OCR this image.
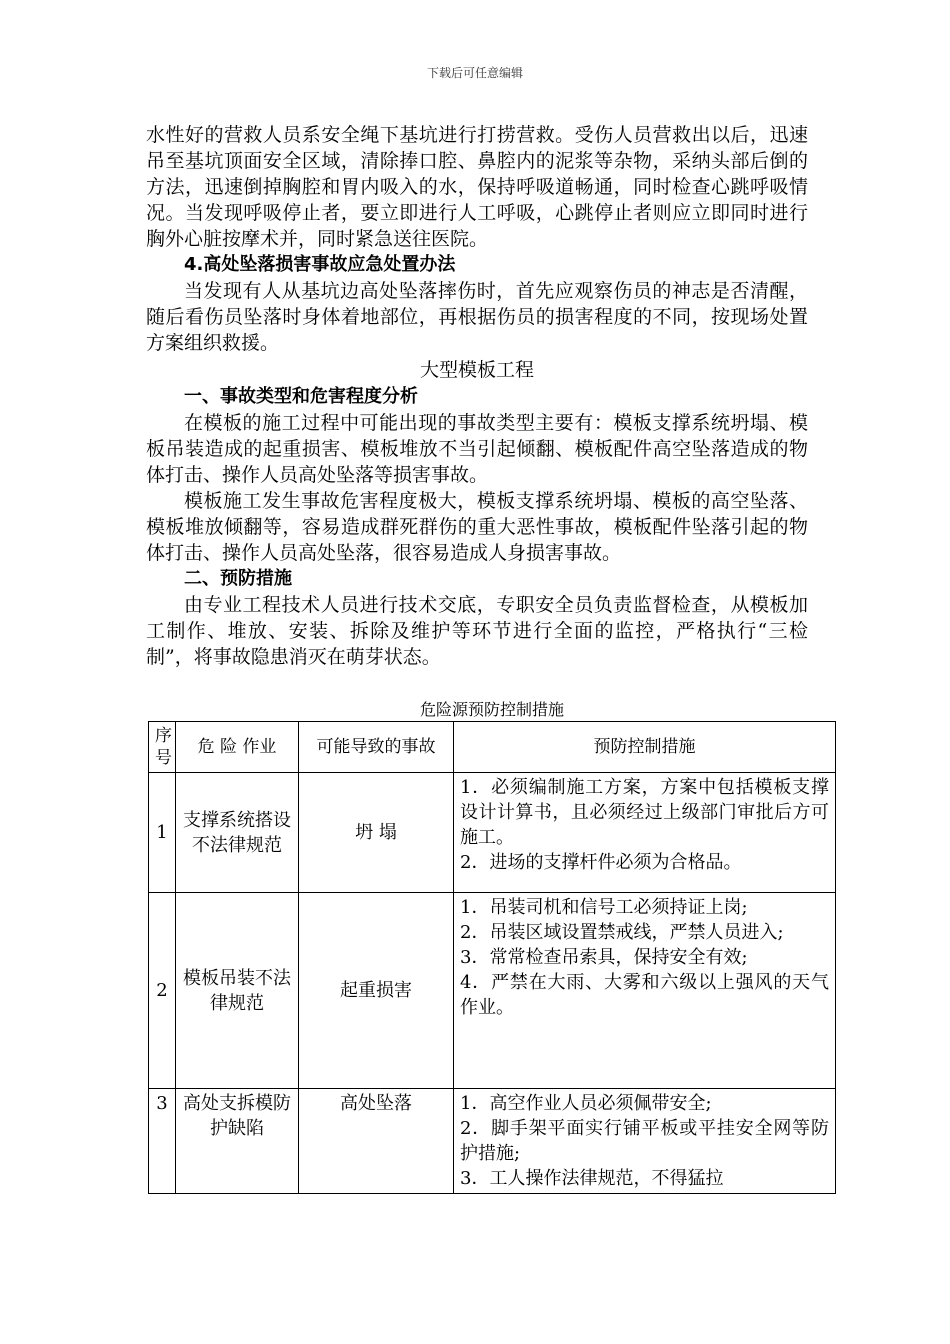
下载后可任意编辑

水性好的营救人员系安全绳下基坑进行打捞营救。受伤人员营救出以后，迅速吊至基坑顶面安全区域，清除捧口腔、鼻腔内的泥浆等杂物，采纳头部后倒的方法，迅速倒掉胸腔和胃内吸入的水，保持呼吸道畅通，同时检查心跳呼吸情况。当发现呼吸停止者，要立即进行人工呼吸，心跳停止者则应立即同时进行胸外心脏按摩术并，同时紧急送往医院。

4.高处坠落损害事故应急处置办法

当发现有人从基坑边高处坠落摔伤时，首先应观察伤员的神志是否清醒，随后看伤员坠落时身体着地部位，再根据伤员的损害程度的不同，按现场处置方案组织救援。

大型模板工程

一、事故类型和危害程度分析

在模板的施工过程中可能出现的事故类型主要有：模板支撑系统坍塌、模板吊装造成的起重损害、模板堆放不当引起倾翻、模板配件高空坠落造成的物体打击、操作人员高处坠落等损害事故。

模板施工发生事故危害程度极大，模板支撑系统坍塌、模板的高空坠落、模板堆放倾翻等，容易造成群死群伤的重大恶性事故，模板配件坠落引起的物体打击、操作人员高处坠落，很容易造成人身损害事故。

二、预防措施

由专业工程技术人员进行技术交底，专职安全员负责监督检查，从模板加工制作、堆放、安装、拆除及维护等环节进行全面的监控，严格执行“三检制”，将事故隐患消灭在萌芽状态。

危险源预防控制措施
序号	危 险 作业	可能导致的事故	预防控制措施
1	支撑系统搭设不法律规范	坍 塌	1．必须编制施工方案，方案中包括模板支撑设计计算书，且必须经过上级部门审批后方可施工。
2．进场的支撑杆件必须为合格品。

2	模板吊装不法律规范	起重损害	1．吊装司机和信号工必须持证上岗;
2．吊装区域设置禁戒线，严禁人员进入;
3．常常检查吊索具，保持安全有效;
4．严禁在大雨、大雾和六级以上强风的天气作业。

3	高处支拆模防护缺陷	高处坠落	1．高空作业人员必须佩带安全;
2．脚手架平面实行铺平板或平挂安全网等防护措施;
3．工人操作法律规范，不得猛拉
